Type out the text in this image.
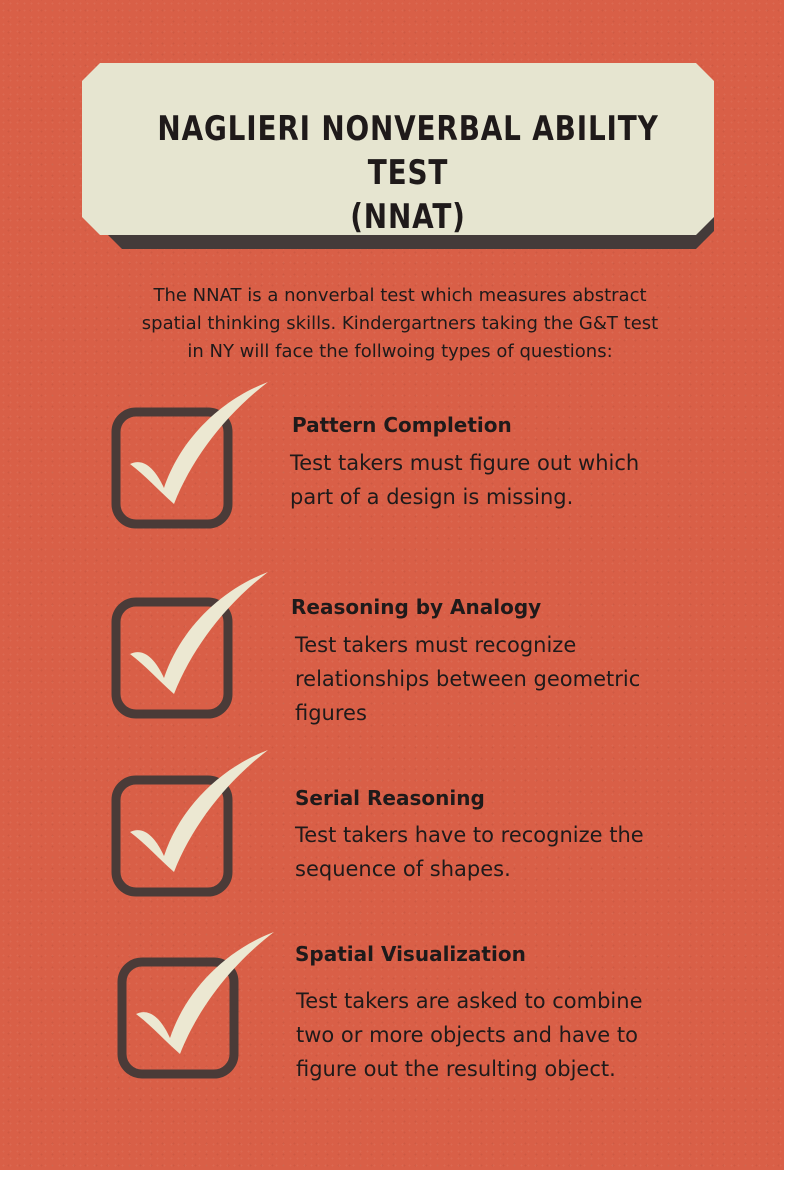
NAGLIERI NONVERBAL ABILITY TEST
(NNAT)

The NNAT is a nonverbal test which measures abstract
spatial thinking skills. Kindergartners taking the G&T test
in NY will face the follwoing types of questions:

Pattern Completion

Test takers must figure out which
part of a design is missing.

Reasoning by Analogy

Test takers must recognize
relationships between geometric
figures

Serial Reasoning

Test takers have to recognize the
sequence of shapes.

Spatial Visualization

Test takers are asked to combine
two or more objects and have to
figure out the resulting object.
